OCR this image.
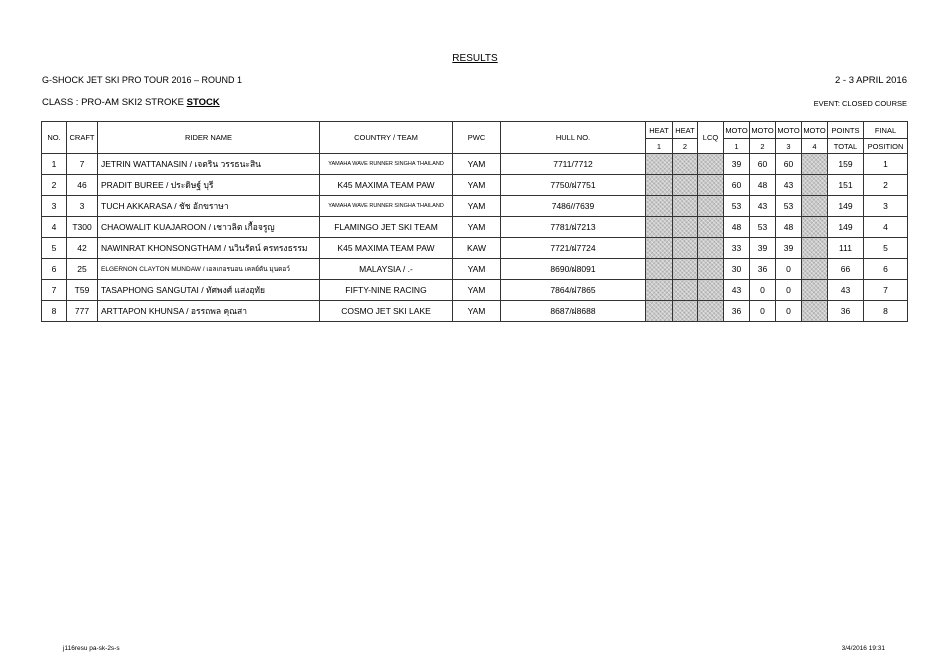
RESULTS
G-SHOCK JET SKI PRO TOUR 2016 – ROUND 1	2 - 3 APRIL 2016
CLASS : PRO-AM SKI2 STROKE STOCK	EVENT: CLOSED COURSE
NO.	CRAFT	RIDER NAME	COUNTRY / TEAM	PWC	HULL NO.	HEAT	HEAT	LCQ	MOTO	MOTO	MOTO	MOTO	POINTS	FINAL
						1	2		1	2	3	4	TOTAL	POSITION
1	7	JETRIN WATTANASIN / เจตริน วรรธนะสิน	YAMAHA WAVE RUNNER SINGHA THAILAND	YAM	7711/7712				39	60	60		159	1
2	46	PRADIT BUREE / ประดิษฐ์ บุรี	K45 MAXIMA TEAM PAW	YAM	7750/ฝ7751				60	48	43		151	2
3	3	TUCH AKKARASA / ชัช อักขราษา	YAMAHA WAVE RUNNER SINGHA THAILAND	YAM	7486//7639				53	43	53		149	3
4	T300	CHAOWALIT KUAJAROON / เชาวลิต เกื้อจรูญ	FLAMINGO JET SKI TEAM	YAM	7781/ฝ7213				48	53	48		149	4
5	42	NAWINRAT KHONSONGTHAM / นวินรัตน์ ครทรงธรรม	K45 MAXIMA TEAM PAW	KAW	7721/ฝ7724				33	39	39		111	5
6	25	ELGERNON CLAYTON MUNDAW / เอลเกอรนอน เคลย์ตัน มุนดอว์	MALAYSIA / .-	YAM	8690/ฝ8091				30	36	0		66	6
7	T59	TASAPHONG SANGUTAI / ทัศพงศ์ แสงอุทัย	FIFTY-NINE RACING	YAM	7864/ฝ7865				43	0	0		43	7
8	777	ARTTAPON KHUNSA / อรรถพล คุณสา	COSMO JET SKI LAKE	YAM	8687/ฝ8688				36	0	0		36	8
j116resu pa-sk-2s-s	3/4/2016 19:31
